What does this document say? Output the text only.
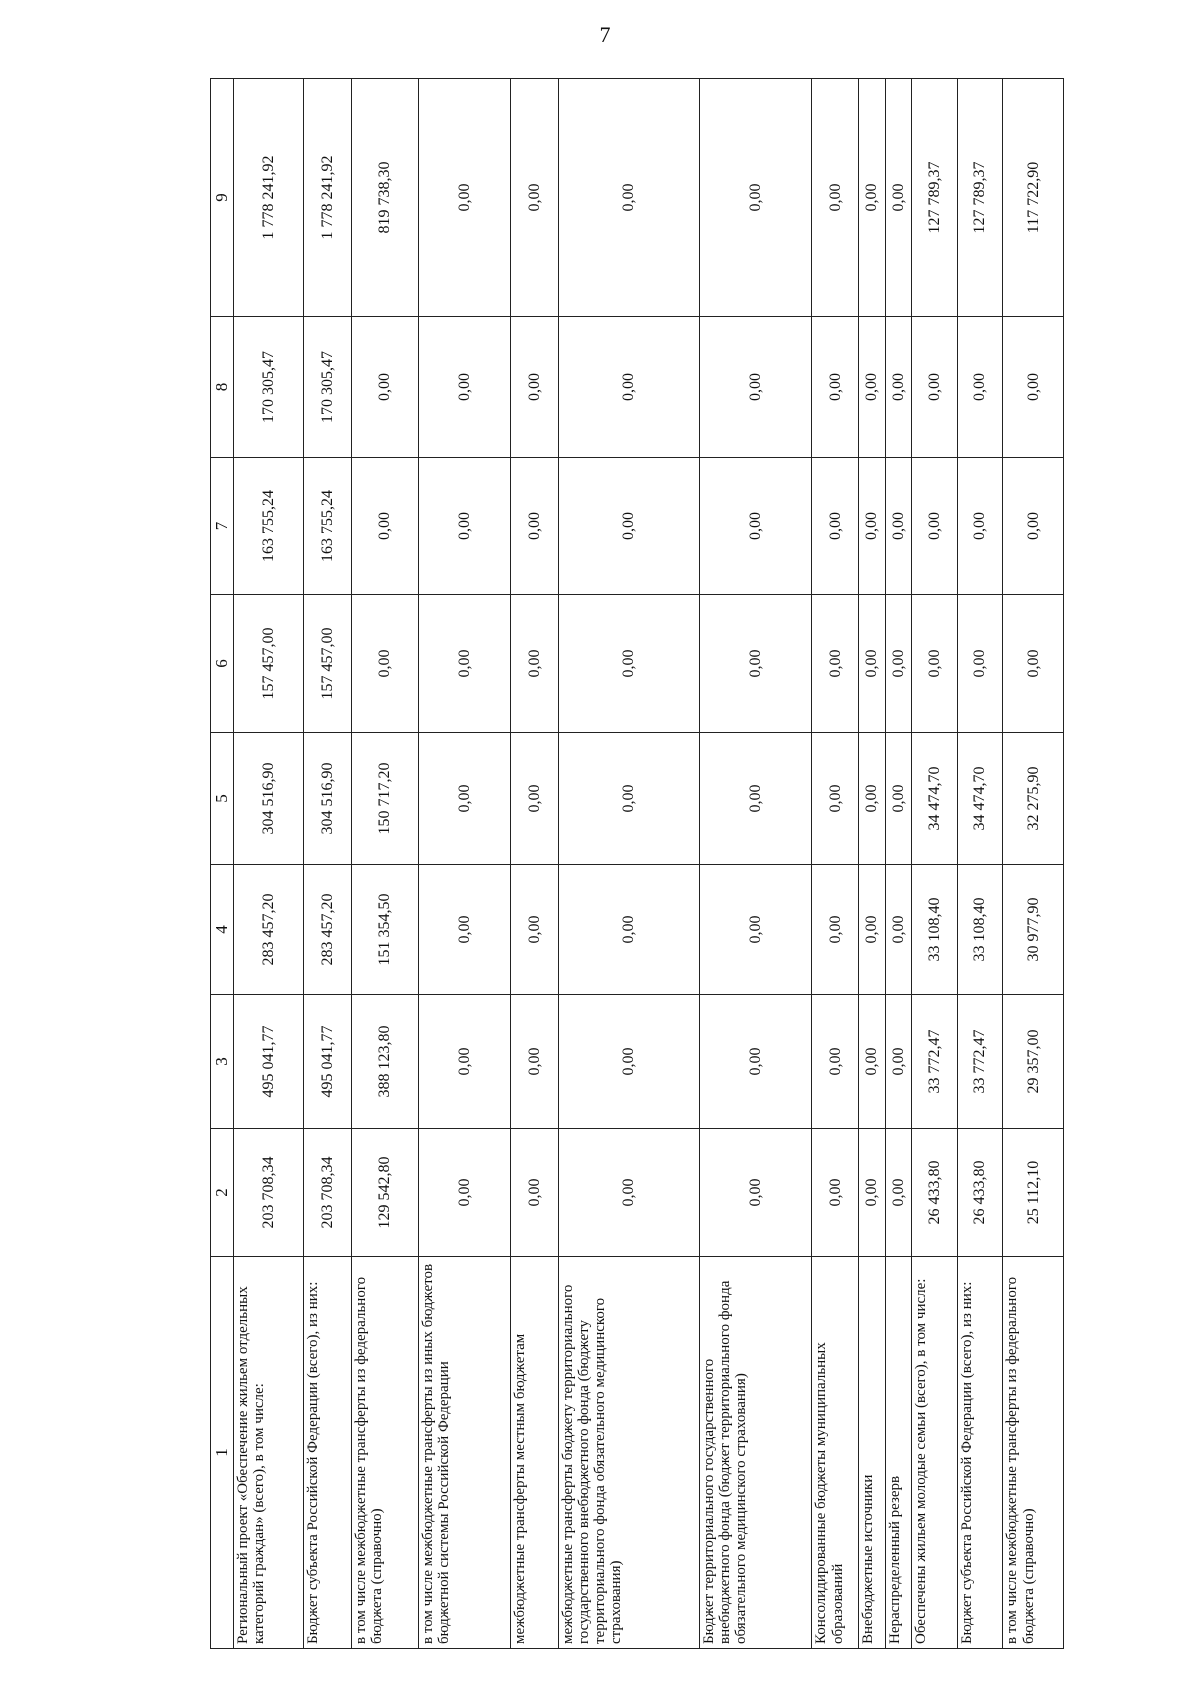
7
1	2	3	4	5	6	7	8	9
Региональный проект «Обеспечение жильем отдельных категорий граждан» (всего), в том числе:	203 708,34	495 041,77	283 457,20	304 516,90	157 457,00	163 755,24	170 305,47	1 778 241,92
Бюджет субъекта Российской Федерации (всего), из них:	203 708,34	495 041,77	283 457,20	304 516,90	157 457,00	163 755,24	170 305,47	1 778 241,92
в том числе межбюджетные трансферты из федерального бюджета (справочно)	129 542,80	388 123,80	151 354,50	150 717,20	0,00	0,00	0,00	819 738,30
в том числе межбюджетные трансферты из иных бюджетов бюджетной системы Российской Федерации	0,00	0,00	0,00	0,00	0,00	0,00	0,00	0,00
межбюджетные трансферты местным бюджетам	0,00	0,00	0,00	0,00	0,00	0,00	0,00	0,00
межбюджетные трансферты бюджету территориального государственного внебюджетного фонда (бюджету территориального фонда обязательного медицинского страхования)	0,00	0,00	0,00	0,00	0,00	0,00	0,00	0,00
Бюджет территориального государственного внебюджетного фонда (бюджет территориального фонда обязательного медицинского страхования)	0,00	0,00	0,00	0,00	0,00	0,00	0,00	0,00
Консолидированные бюджеты муниципальных образований	0,00	0,00	0,00	0,00	0,00	0,00	0,00	0,00
Внебюджетные источники	0,00	0,00	0,00	0,00	0,00	0,00	0,00	0,00
Нераспределенный резерв	0,00	0,00	0,00	0,00	0,00	0,00	0,00	0,00
Обеспечены жильем молодые семьи (всего), в том числе:	26 433,80	33 772,47	33 108,40	34 474,70	0,00	0,00	0,00	127 789,37
Бюджет субъекта Российской Федерации (всего), из них:	26 433,80	33 772,47	33 108,40	34 474,70	0,00	0,00	0,00	127 789,37
в том числе межбюджетные трансферты из федерального бюджета (справочно)	25 112,10	29 357,00	30 977,90	32 275,90	0,00	0,00	0,00	117 722,90
